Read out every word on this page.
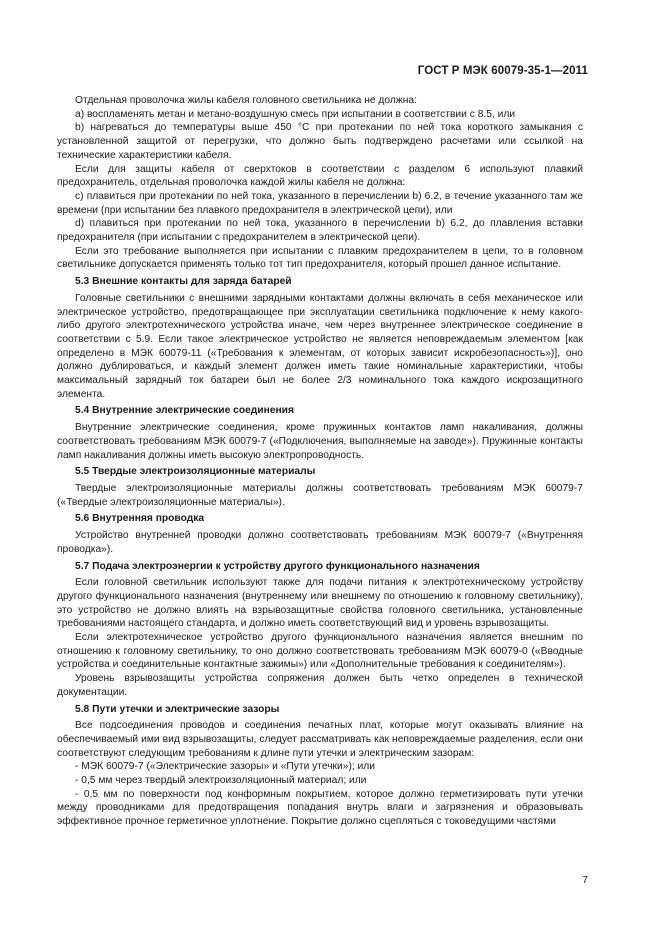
ГОСТ Р МЭК 60079-35-1—2011

Отдельная проволочка жилы кабеля головного светильника не должна:

a) воспламенять метан и метано-воздушную смесь при испытании в соответствии с 8.5, или

b) нагреваться до температуры выше 450 °С при протекании по ней тока короткого замыкания с установленной защитой от перегрузки, что должно быть подтверждено расчетами или ссылкой на технические характеристики кабеля.

Если для защиты кабеля от сверхтоков в соответствии с разделом 6 используют плавкий предохранитель, отдельная проволочка каждой жилы кабеля не должна:

c) плавиться при протекании по ней тока, указанного в перечислении b) 6.2, в течение указанного там же времени (при испытании без плавкого предохранителя в электрической цепи), или

d) плавиться при протекании по ней тока, указанного в перечислении b) 6.2, до плавления вставки предохранителя (при испытании с предохранителем в электрической цепи).

Если это требование выполняется при испытании с плавким предохранителем в цепи, то в головном светильнике допускается применять только тот тип предохранителя, который прошел данное испытание.

5.3 Внешние контакты для заряда батарей

Головные светильники с внешними зарядными контактами должны включать в себя механическое или электрическое устройство, предотвращающее при эксплуатации светильника подключение к нему какого-либо другого электротехнического устройства иначе, чем через внутреннее электрическое соединение в соответствии с 5.9. Если такое электрическое устройство не является неповреждаемым элементом [как определено в МЭК 60079-11 («Требования к элементам, от которых зависит искробезопасность»)], оно должно дублироваться, и каждый элемент должен иметь такие номинальные характеристики, чтобы максимальный зарядный ток батареи был не более 2/3 номинального тока каждого искрозащитного элемента.

5.4 Внутренние электрические соединения

Внутренние электрические соединения, кроме пружинных контактов ламп накаливания, должны соответствовать требованиям МЭК 60079-7 («Подключения, выполняемые на заводе»). Пружинные контакты ламп накаливания должны иметь высокую электропроводность.

5.5 Твердые электроизоляционные материалы

Твердые электроизоляционные материалы должны соответствовать требованиям МЭК 60079-7 («Твердые электроизоляционные материалы»).

5.6 Внутренняя проводка

Устройство внутренней проводки должно соответствовать требованиям МЭК 60079-7 («Внутренняя проводка»).

5.7 Подача электроэнергии к устройству другого функционального назначения

Если головной светильник используют также для подачи питания к электротехническому устройству другого функционального назначения (внутреннему или внешнему по отношению к головному светильнику), это устройство не должно влиять на взрывозащитные свойства головного светильника, установленные требованиями настоящего стандарта, и должно иметь соответствующий вид и уровень взрывозащиты.

Если электротехническое устройство другого функционального назначения является внешним по отношению к головному светильнику, то оно должно соответствовать требованиям МЭК 60079-0 («Вводные устройства и соединительные контактные зажимы») или «Дополнительные требования к соединителям»).

Уровень взрывозащиты устройства сопряжения должен быть четко определен в технической документации.

5.8 Пути утечки и электрические зазоры

Все подсоединения проводов и соединения печатных плат, которые могут оказывать влияние на обеспечиваемый ими вид взрывозащиты, следует рассматривать как неповреждаемые разделения, если они соответствуют следующим требованиям к длине пути утечки и электрическим зазорам:

- МЭК 60079-7 («Электрические зазоры» и «Пути утечки»); или

- 0,5 мм через твердый электроизоляционный материал; или

- 0,5 мм по поверхности под конформным покрытием, которое должно герметизировать пути утечки между проводниками для предотвращения попадания внутрь влаги и загрязнения и образовывать эффективное прочное герметичное уплотнение. Покрытие должно сцепляться с токоведущими частями

7
